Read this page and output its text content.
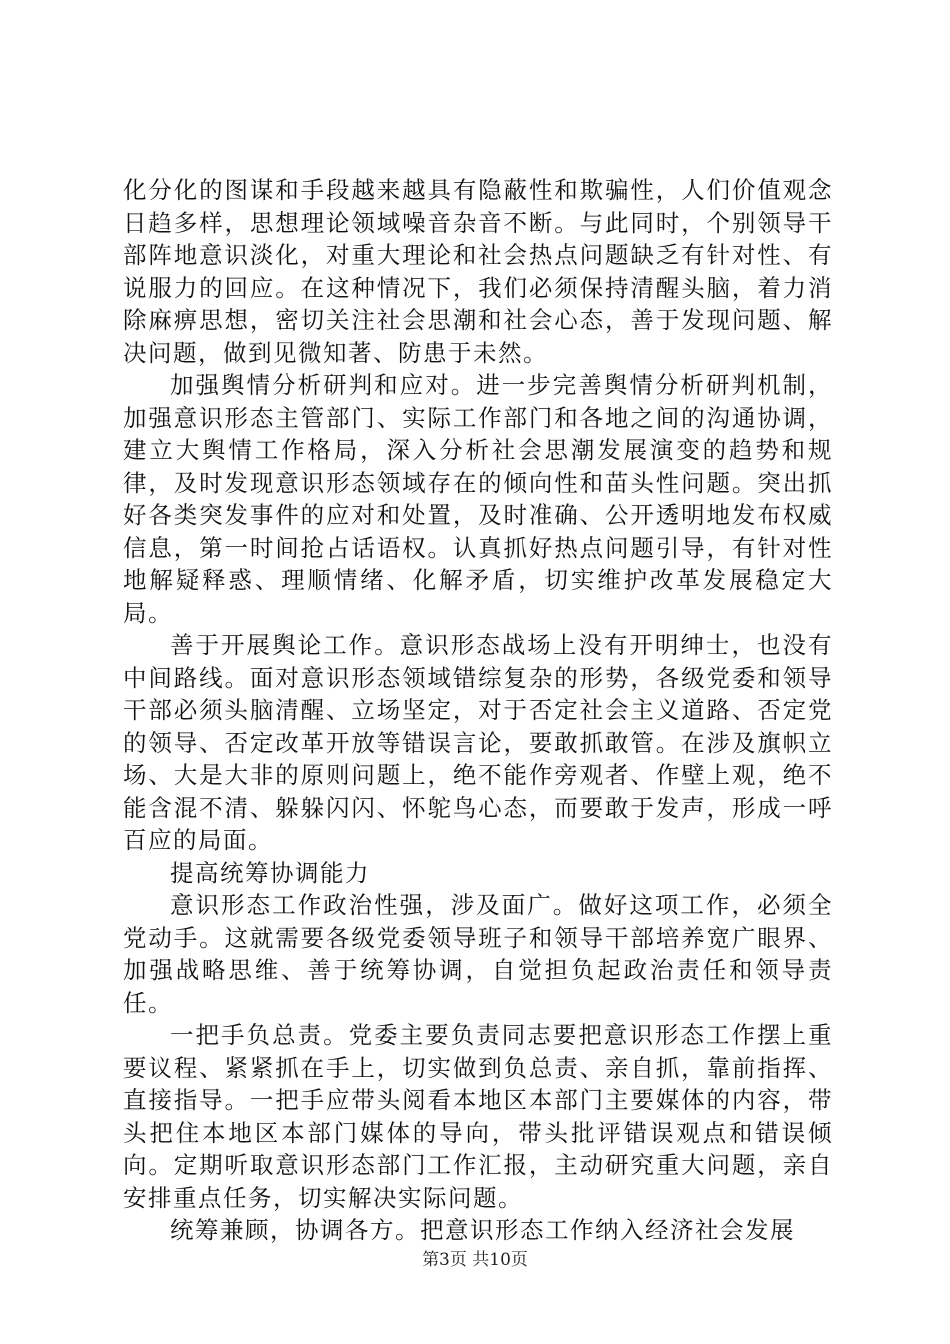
化分化的图谋和手段越来越具有隐蔽性和欺骗性，人们价值观念日趋多样，思想理论领域噪音杂音不断。与此同时，个别领导干部阵地意识淡化，对重大理论和社会热点问题缺乏有针对性、有说服力的回应。在这种情况下，我们必须保持清醒头脑，着力消除麻痹思想，密切关注社会思潮和社会心态，善于发现问题、解决问题，做到见微知著、防患于未然。

加强舆情分析研判和应对。进一步完善舆情分析研判机制，加强意识形态主管部门、实际工作部门和各地之间的沟通协调，建立大舆情工作格局，深入分析社会思潮发展演变的趋势和规律，及时发现意识形态领域存在的倾向性和苗头性问题。突出抓好各类突发事件的应对和处置，及时准确、公开透明地发布权威信息，第一时间抢占话语权。认真抓好热点问题引导，有针对性地解疑释惑、理顺情绪、化解矛盾，切实维护改革发展稳定大局。

善于开展舆论工作。意识形态战场上没有开明绅士，也没有中间路线。面对意识形态领域错综复杂的形势，各级党委和领导干部必须头脑清醒、立场坚定，对于否定社会主义道路、否定党的领导、否定改革开放等错误言论，要敢抓敢管。在涉及旗帜立场、大是大非的原则问题上，绝不能作旁观者、作壁上观，绝不能含混不清、躲躲闪闪、怀鸵鸟心态，而要敢于发声，形成一呼百应的局面。

提高统筹协调能力

意识形态工作政治性强，涉及面广。做好这项工作，必须全党动手。这就需要各级党委领导班子和领导干部培养宽广眼界、加强战略思维、善于统筹协调，自觉担负起政治责任和领导责任。

一把手负总责。党委主要负责同志要把意识形态工作摆上重要议程、紧紧抓在手上，切实做到负总责、亲自抓，靠前指挥、直接指导。一把手应带头阅看本地区本部门主要媒体的内容，带头把住本地区本部门媒体的导向，带头批评错误观点和错误倾向。定期听取意识形态部门工作汇报，主动研究重大问题，亲自安排重点任务，切实解决实际问题。

统筹兼顾，协调各方。把意识形态工作纳入经济社会发展

第3页 共10页
